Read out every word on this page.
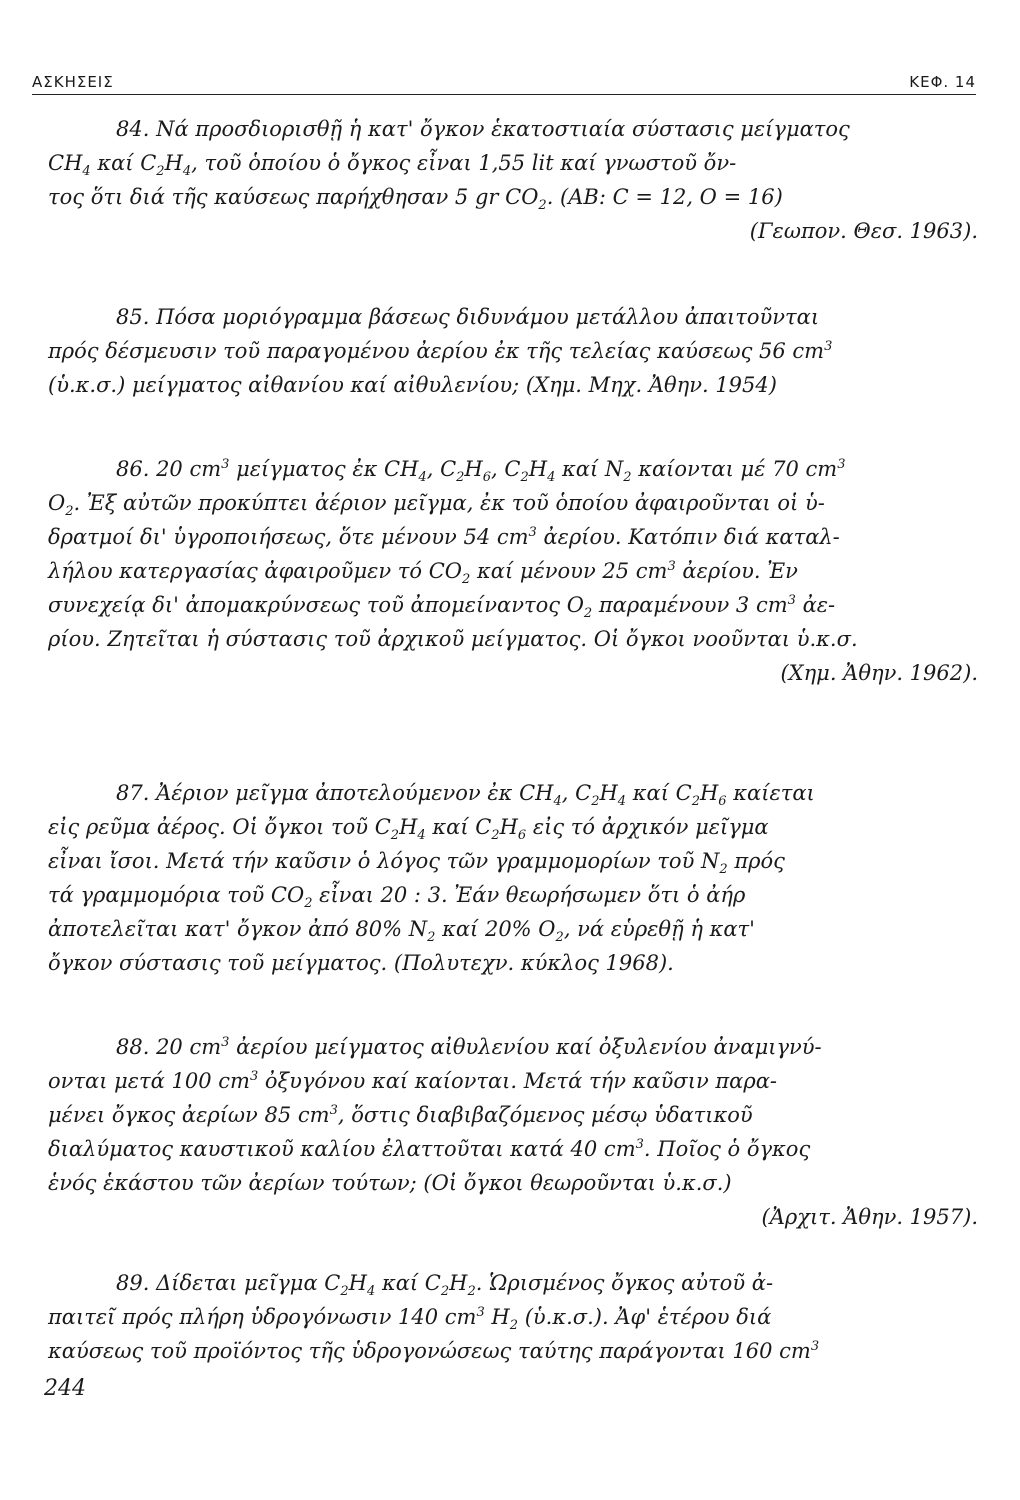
ΑΣΚΗΣΕΙΣ	ΚΕΦ. 14
84. Νά προσδιορισθῇ ἡ κατ' ὄγκον ἑκατοστιαία σύστασις μείγματος
$CH_4$ καί $C_2H_4$, τοῦ ὁποίου ὁ ὄγκος εἶναι 1,55 lit καί γνωστοῦ ὄν-
τος ὅτι διά τῆς καύσεως παρήχθησαν 5 gr $CO_2$. (ΑΒ: C = 12, O = 16)
(Γεωπον. Θεσ. 1963).
85. Πόσα μοριόγραμμα βάσεως διδυνάμου μετάλλου ἀπαιτοῦνται
πρός δέσμευσιν τοῦ παραγομένου ἀερίου ἐκ τῆς τελείας καύσεως 56 $cm^3$
(ὑ.κ.σ.) μείγματος αἰθανίου καί αἰθυλενίου; (Χημ. Μηχ. Ἀθην. 1954)
86. 20 $cm^3$ μείγματος ἐκ $CH_4$, $C_2H_6$, $C_2H_4$ καί $N_2$ καίονται μέ 70 $cm^3$
$O_2$. Ἐξ αὐτῶν προκύπτει ἀέριον μεῖγμα, ἐκ τοῦ ὁποίου ἀφαιροῦνται οἱ ὑ-
δρατμοί δι' ὑγροποιήσεως, ὅτε μένουν 54 $cm^3$ ἀερίου. Κατόπιν διά καταλ-
λήλου κατεργασίας ἀφαιροῦμεν τό $CO_2$ καί μένουν 25 $cm^3$ ἀερίου. Ἐν
συνεχείᾳ δι' ἀπομακρύνσεως τοῦ ἀπομείναντος $O_2$ παραμένουν 3 $cm^3$ ἀε-
ρίου. Ζητεῖται ἡ σύστασις τοῦ ἀρχικοῦ μείγματος. Οἱ ὄγκοι νοοῦνται ὑ.κ.σ.
(Χημ. Ἀθην. 1962).
87. Ἀέριον μεῖγμα ἀποτελούμενον ἐκ $CH_4$, $C_2H_4$ καί $C_2H_6$ καίεται
εἰς ρεῦμα ἀέρος. Οἱ ὄγκοι τοῦ $C_2H_4$ καί $C_2H_6$ εἰς τό ἀρχικόν μεῖγμα
εἶναι ἴσοι. Μετά τήν καῦσιν ὁ λόγος τῶν γραμμομορίων τοῦ $N_2$ πρός
τά γραμμομόρια τοῦ $CO_2$ εἶναι 20 : 3. Ἐάν θεωρήσωμεν ὅτι ὁ ἀήρ
ἀποτελεῖται κατ' ὄγκον ἀπό 80% $N_2$ καί 20% $O_2$, νά εὑρεθῇ ἡ κατ'
ὄγκον σύστασις τοῦ μείγματος. (Πολυτεχν. κύκλος 1968).
88. 20 $cm^3$ ἀερίου μείγματος αἰθυλενίου καί ὀξυλενίου ἀναμιγνύ-
ονται μετά 100 $cm^3$ ὀξυγόνου καί καίονται. Μετά τήν καῦσιν παρα-
μένει ὄγκος ἀερίων 85 $cm^3$, ὅστις διαβιβαζόμενος μέσῳ ὑδατικοῦ
διαλύματος καυστικοῦ καλίου ἐλαττοῦται κατά 40 $cm^3$. Ποῖος ὁ ὄγκος
ἑνός ἑκάστου τῶν ἀερίων τούτων; (Οἱ ὄγκοι θεωροῦνται ὑ.κ.σ.)
(Ἀρχιτ. Ἀθην. 1957).
89. Δίδεται μεῖγμα $C_2H_4$ καί $C_2H_2$. Ὡρισμένος ὄγκος αὐτοῦ ἀ-
παιτεῖ πρός πλήρη ὑδρογόνωσιν 140 $cm^3$ $H_2$ (ὑ.κ.σ.). Ἀφ' ἑτέρου διά
καύσεως τοῦ προϊόντος τῆς ὑδρογονώσεως ταύτης παράγονται 160 $cm^3$
244
